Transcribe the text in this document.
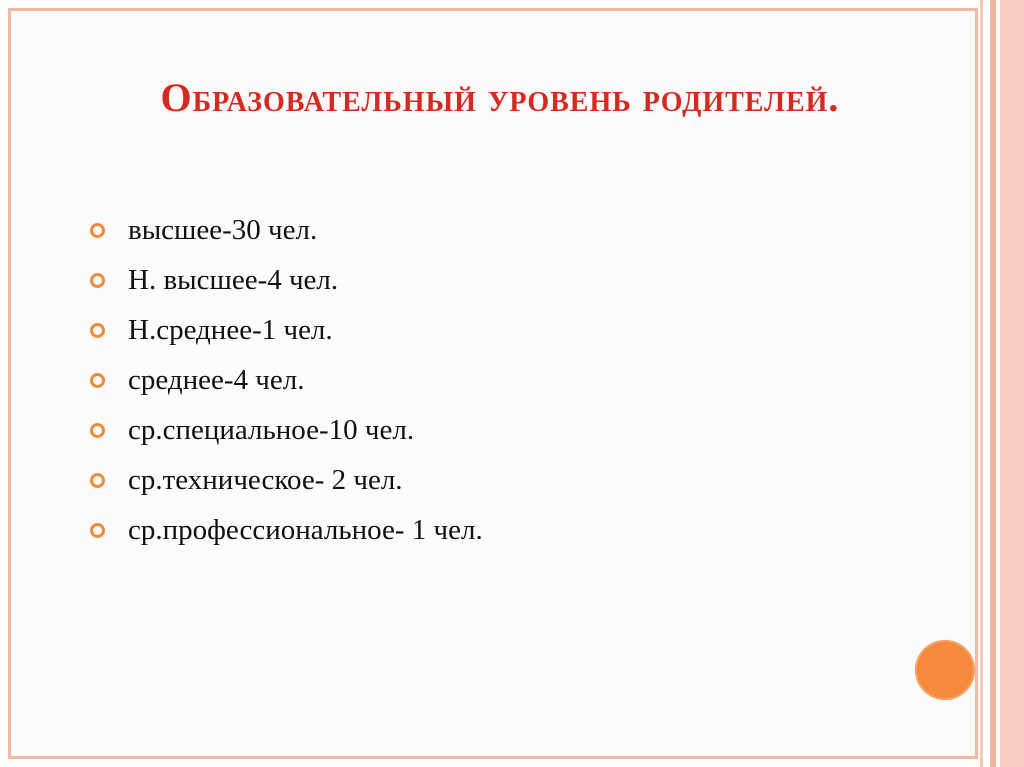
Образовательный уровень родителей.
высшее-30 чел.
Н. высшее-4 чел.
Н.среднее-1 чел.
среднее-4 чел.
ср.специальное-10 чел.
ср.техническое- 2 чел.
ср.профессиональное- 1 чел.
